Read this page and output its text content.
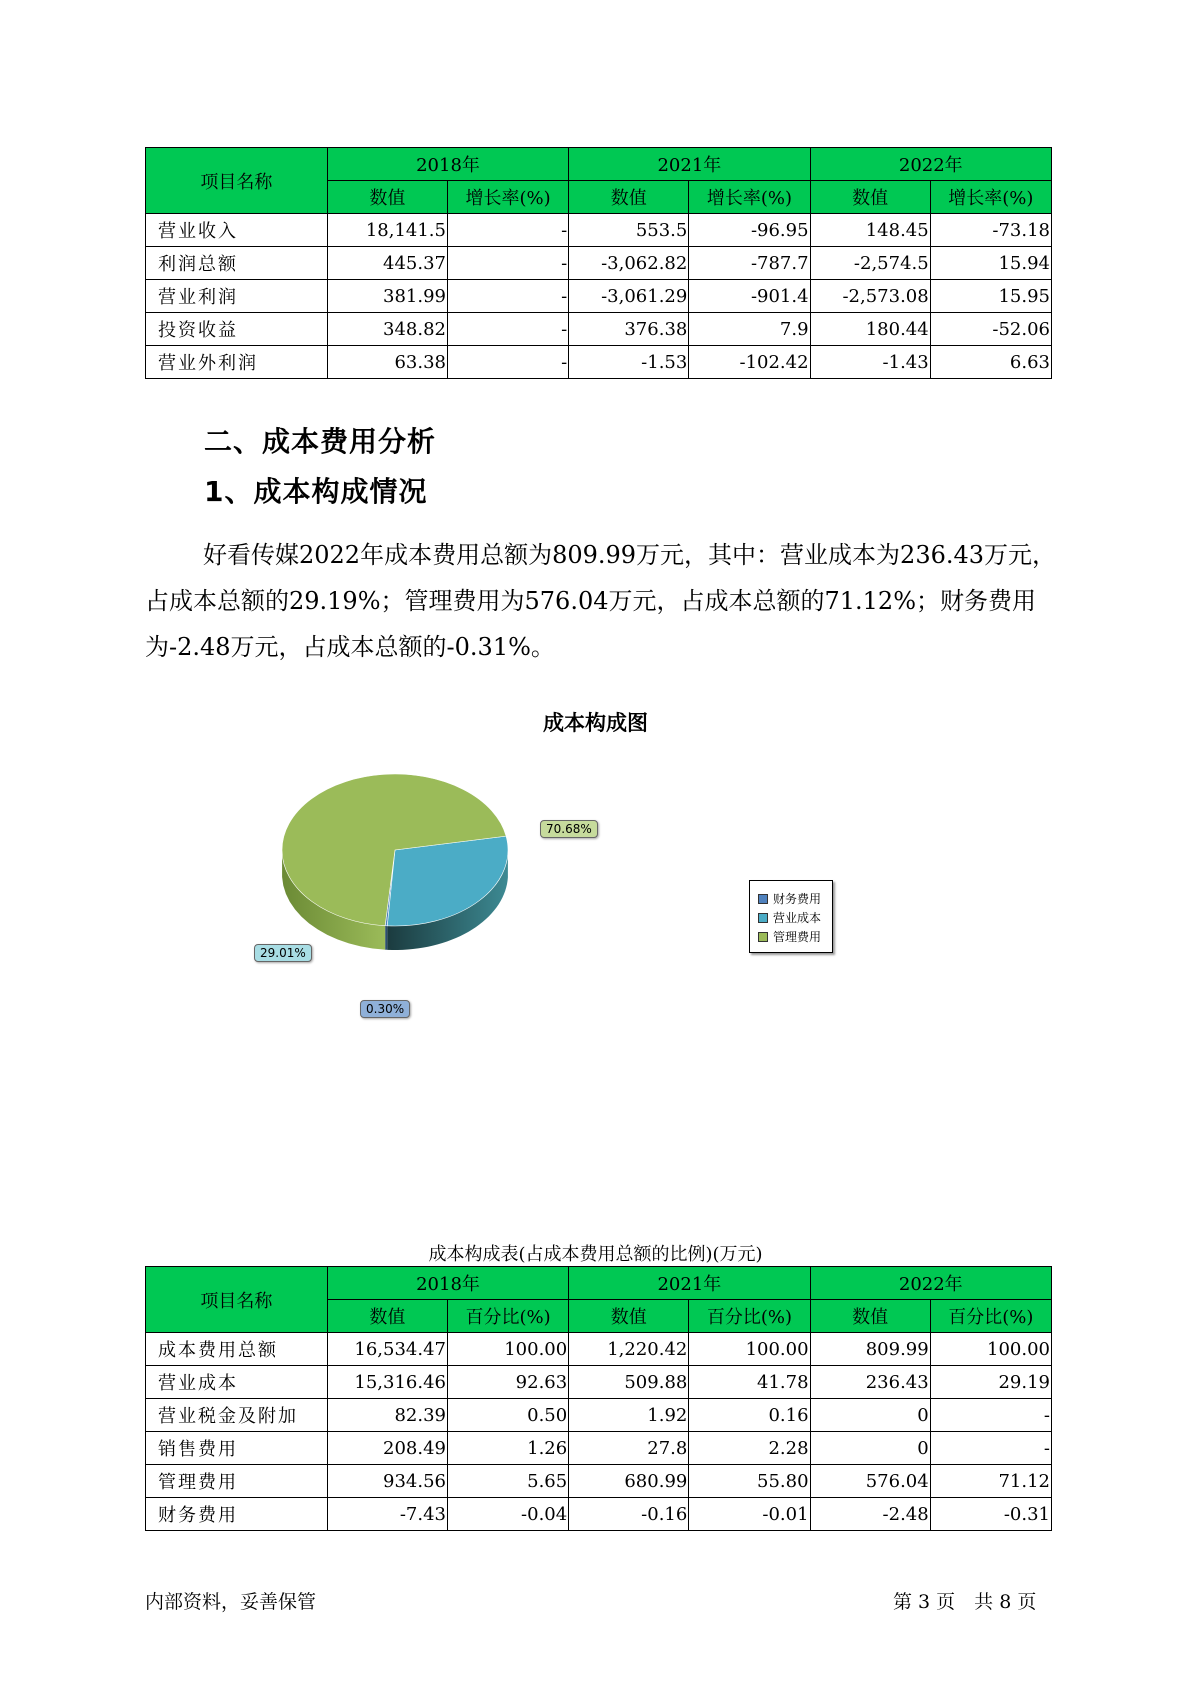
项目名称	2018年		2021年		2022年	
	数值	增长率(%)	数值	增长率(%)	数值	增长率(%)
营业收入	18,141.5	-	553.5	-96.95	148.45	-73.18
利润总额	445.37	-	-3,062.82	-787.7	-2,574.5	15.94
营业利润	381.99	-	-3,061.29	-901.4	-2,573.08	15.95
投资收益	348.82	-	376.38	7.9	180.44	-52.06
营业外利润	63.38	-	-1.53	-102.42	-1.43	6.63
二、成本费用分析
1、成本构成情况

好看传媒2022年成本费用总额为809.99万元，其中：营业成本为236.43万元，占成本总额的29.19%；管理费用为576.04万元，占成本总额的71.12%；财务费用为-2.48万元，占成本总额的-0.31%。

成本构成图
0.30%
29.01%
70.68%
财务费用
营业成本
管理费用
成本构成表(占成本费用总额的比例)(万元)
项目名称	2018年		2021年		2022年	
	数值	百分比(%)	数值	百分比(%)	数值	百分比(%)
成本费用总额	16,534.47	100.00	1,220.42	100.00	809.99	100.00
营业成本	15,316.46	92.63	509.88	41.78	236.43	29.19
营业税金及附加	82.39	0.50	1.92	0.16	0	-
销售费用	208.49	1.26	27.8	2.28	0	-
管理费用	934.56	5.65	680.99	55.80	576.04	71.12
财务费用	-7.43	-0.04	-0.16	-0.01	-2.48	-0.31
内部资料，妥善保管	第 3 页　共 8 页
